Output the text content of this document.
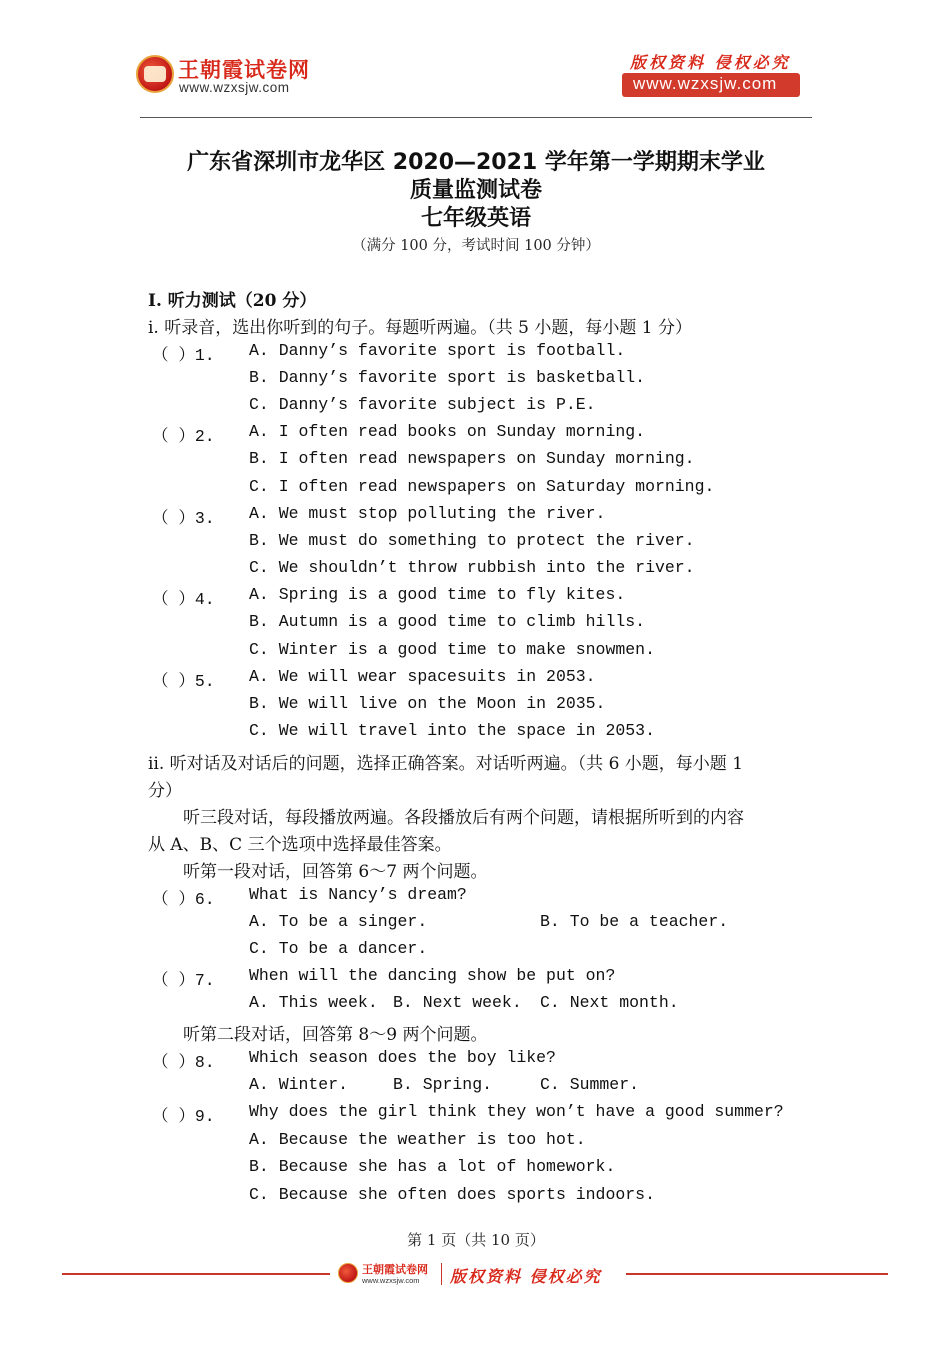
王朝霞试卷网
www.wzxsjw.com
版权资料 侵权必究
www.wzxsjw.com
广东省深圳市龙华区 2020—2021 学年第一学期期末学业
质量监测试卷
七年级英语
（满分 100 分，考试时间 100 分钟）
Ⅰ. 听力测试（20 分）
ⅰ. 听录音，选出你听到的句子。每题听两遍。（共 5 小题，每小题 1 分）
（ ）1. A. Danny’s favorite sport is football.
B. Danny’s favorite sport is basketball.
C. Danny’s favorite subject is P.E.
（ ）2. A. I often read books on Sunday morning.
B. I often read newspapers on Sunday morning.
C. I often read newspapers on Saturday morning.
（ ）3. A. We must stop polluting the river.
B. We must do something to protect the river.
C. We shouldn’t throw rubbish into the river.
（ ）4. A. Spring is a good time to fly kites.
B. Autumn is a good time to climb hills.
C. Winter is a good time to make snowmen.
（ ）5. A. We will wear spacesuits in 2053.
B. We will live on the Moon in 2035.
C. We will travel into the space in 2053.
ⅱ. 听对话及对话后的问题，选择正确答案。对话听两遍。（共 6 小题，每小题 1
分）
听三段对话，每段播放两遍。各段播放后有两个问题，请根据所听到的内容
从 A、B、C 三个选项中选择最佳答案。
听第一段对话，回答第 6～7 两个问题。
（ ）6. What is Nancy’s dream?
A. To be a singer.	B. To be a teacher.
C. To be a dancer.
（ ）7. When will the dancing show be put on?
A. This week. B. Next week. C. Next month.
听第二段对话，回答第 8～9 两个问题。
（ ）8. Which season does the boy like?
A. Winter.	B. Spring.	C. Summer.
（ ）9. Why does the girl think they won’t have a good summer?
A. Because the weather is too hot.
B. Because she has a lot of homework.
C. Because she often does sports indoors.
第 1 页（共 10 页）
王朝霞试卷网
www.wzxsjw.com 版权资料 侵权必究
